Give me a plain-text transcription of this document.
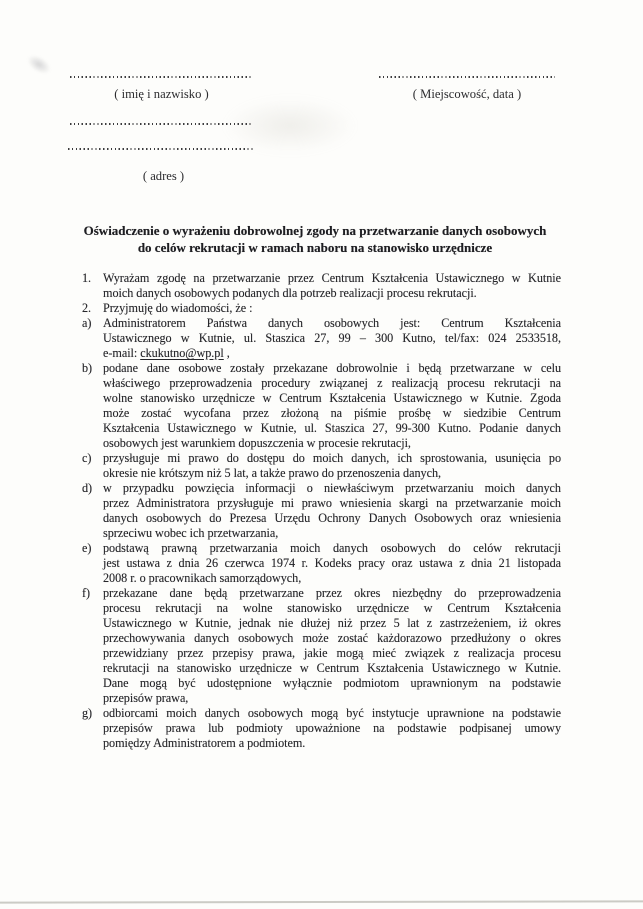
( imię i nazwisko )
( adres )
( Miejscowość, data )
Oświadczenie o wyrażeniu dobrowolnej zgody na przetwarzanie danych osobowych
do celów rekrutacji w ramach naboru na stanowisko urzędnicze
1. Wyrażam zgodę na przetwarzanie przez Centrum Kształcenia Ustawicznego w Kutnie
moich danych osobowych podanych dla potrzeb realizacji procesu rekrutacji.
2. Przyjmuję do wiadomości, że :
a) Administratorem Państwa danych osobowych jest: Centrum Kształcenia
Ustawicznego w Kutnie, ul. Staszica 27, 99 – 300 Kutno, tel/fax: 024 2533518,
e-mail: ckukutno@wp.pl ,
b) podane dane osobowe zostały przekazane dobrowolnie i będą przetwarzane w celu
właściwego przeprowadzenia procedury związanej z realizacją procesu rekrutacji na
wolne stanowisko urzędnicze w Centrum Kształcenia Ustawicznego w Kutnie. Zgoda
może zostać wycofana przez złożoną na piśmie prośbę w siedzibie Centrum
Kształcenia Ustawicznego w Kutnie, ul. Staszica 27, 99-300 Kutno. Podanie danych
osobowych jest warunkiem dopuszczenia w procesie rekrutacji,
c) przysługuje mi prawo do dostępu do moich danych, ich sprostowania, usunięcia po
okresie nie krótszym niż 5 lat, a także prawo do przenoszenia danych,
d) w przypadku powzięcia informacji o niewłaściwym przetwarzaniu moich danych
przez Administratora przysługuje mi prawo wniesienia skargi na przetwarzanie moich
danych osobowych do Prezesa Urzędu Ochrony Danych Osobowych oraz wniesienia
sprzeciwu wobec ich przetwarzania,
e) podstawą prawną przetwarzania moich danych osobowych do celów rekrutacji
jest ustawa z dnia 26 czerwca 1974 r. Kodeks pracy oraz ustawa z dnia 21 listopada
2008 r. o pracownikach samorządowych,
f)	przekazane dane będą przetwarzane przez okres niezbędny do przeprowadzenia
procesu rekrutacji na wolne stanowisko urzędnicze w Centrum Kształcenia
Ustawicznego w Kutnie, jednak nie dłużej niż przez 5 lat z zastrzeżeniem, iż okres
przechowywania danych osobowych może zostać każdorazowo przedłużony o okres
przewidziany przez przepisy prawa, jakie mogą mieć związek z realizacja procesu
rekrutacji na stanowisko urzędnicze w Centrum Kształcenia Ustawicznego w Kutnie.
Dane mogą być udostępnione wyłącznie podmiotom uprawnionym na podstawie
przepisów prawa,
g) odbiorcami moich danych osobowych mogą być instytucje uprawnione na podstawie
przepisów prawa lub podmioty upoważnione na podstawie podpisanej umowy
pomiędzy Administratorem a podmiotem.
